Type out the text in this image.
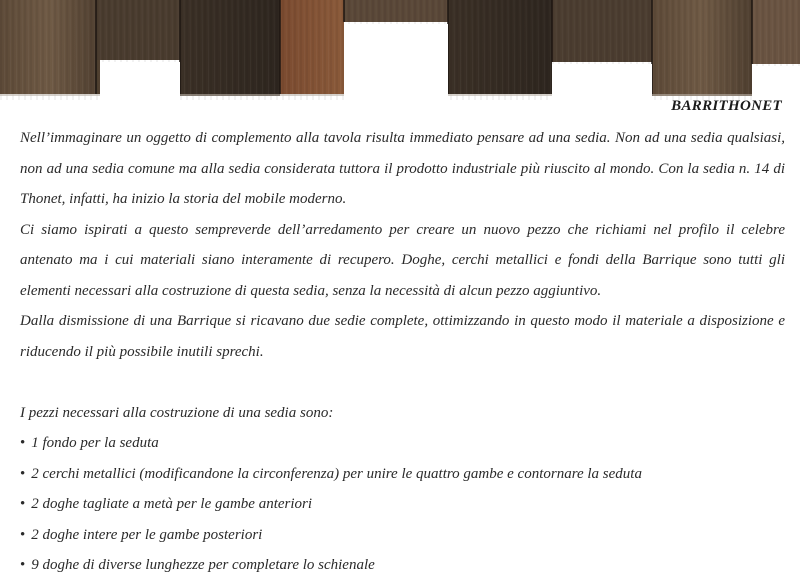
BARRITHONET

Nell’immaginare un oggetto di complemento alla tavola risulta immediato pensare ad una sedia. Non ad una sedia qualsiasi, non ad una sedia comune ma alla sedia considerata tuttora il prodotto industriale più riuscito al mondo. Con la sedia n. 14 di Thonet, infatti, ha inizio la storia del mobile moderno.

Ci siamo ispirati a questo sempreverde dell’arredamento per creare un nuovo pezzo che richiami nel profilo il celebre antenato ma i cui materiali siano interamente di recupero. Doghe, cerchi metallici e fondi della Barrique sono tutti gli elementi necessari alla costruzione di questa sedia, senza la necessità di alcun pezzo aggiuntivo.

Dalla dismissione di una Barrique si ricavano due sedie complete, ottimizzando in questo modo il materiale a disposizione e riducendo il più possibile inutili sprechi.

I pezzi necessari alla costruzione di una sedia sono:

• 1 fondo per la seduta
• 2 cerchi metallici (modificandone la circonferenza) per unire le quattro gambe e contornare la seduta
• 2 doghe tagliate a metà per le gambe anteriori
• 2 doghe intere per le gambe posteriori
• 9 doghe di diverse lunghezze per completare lo schienale
